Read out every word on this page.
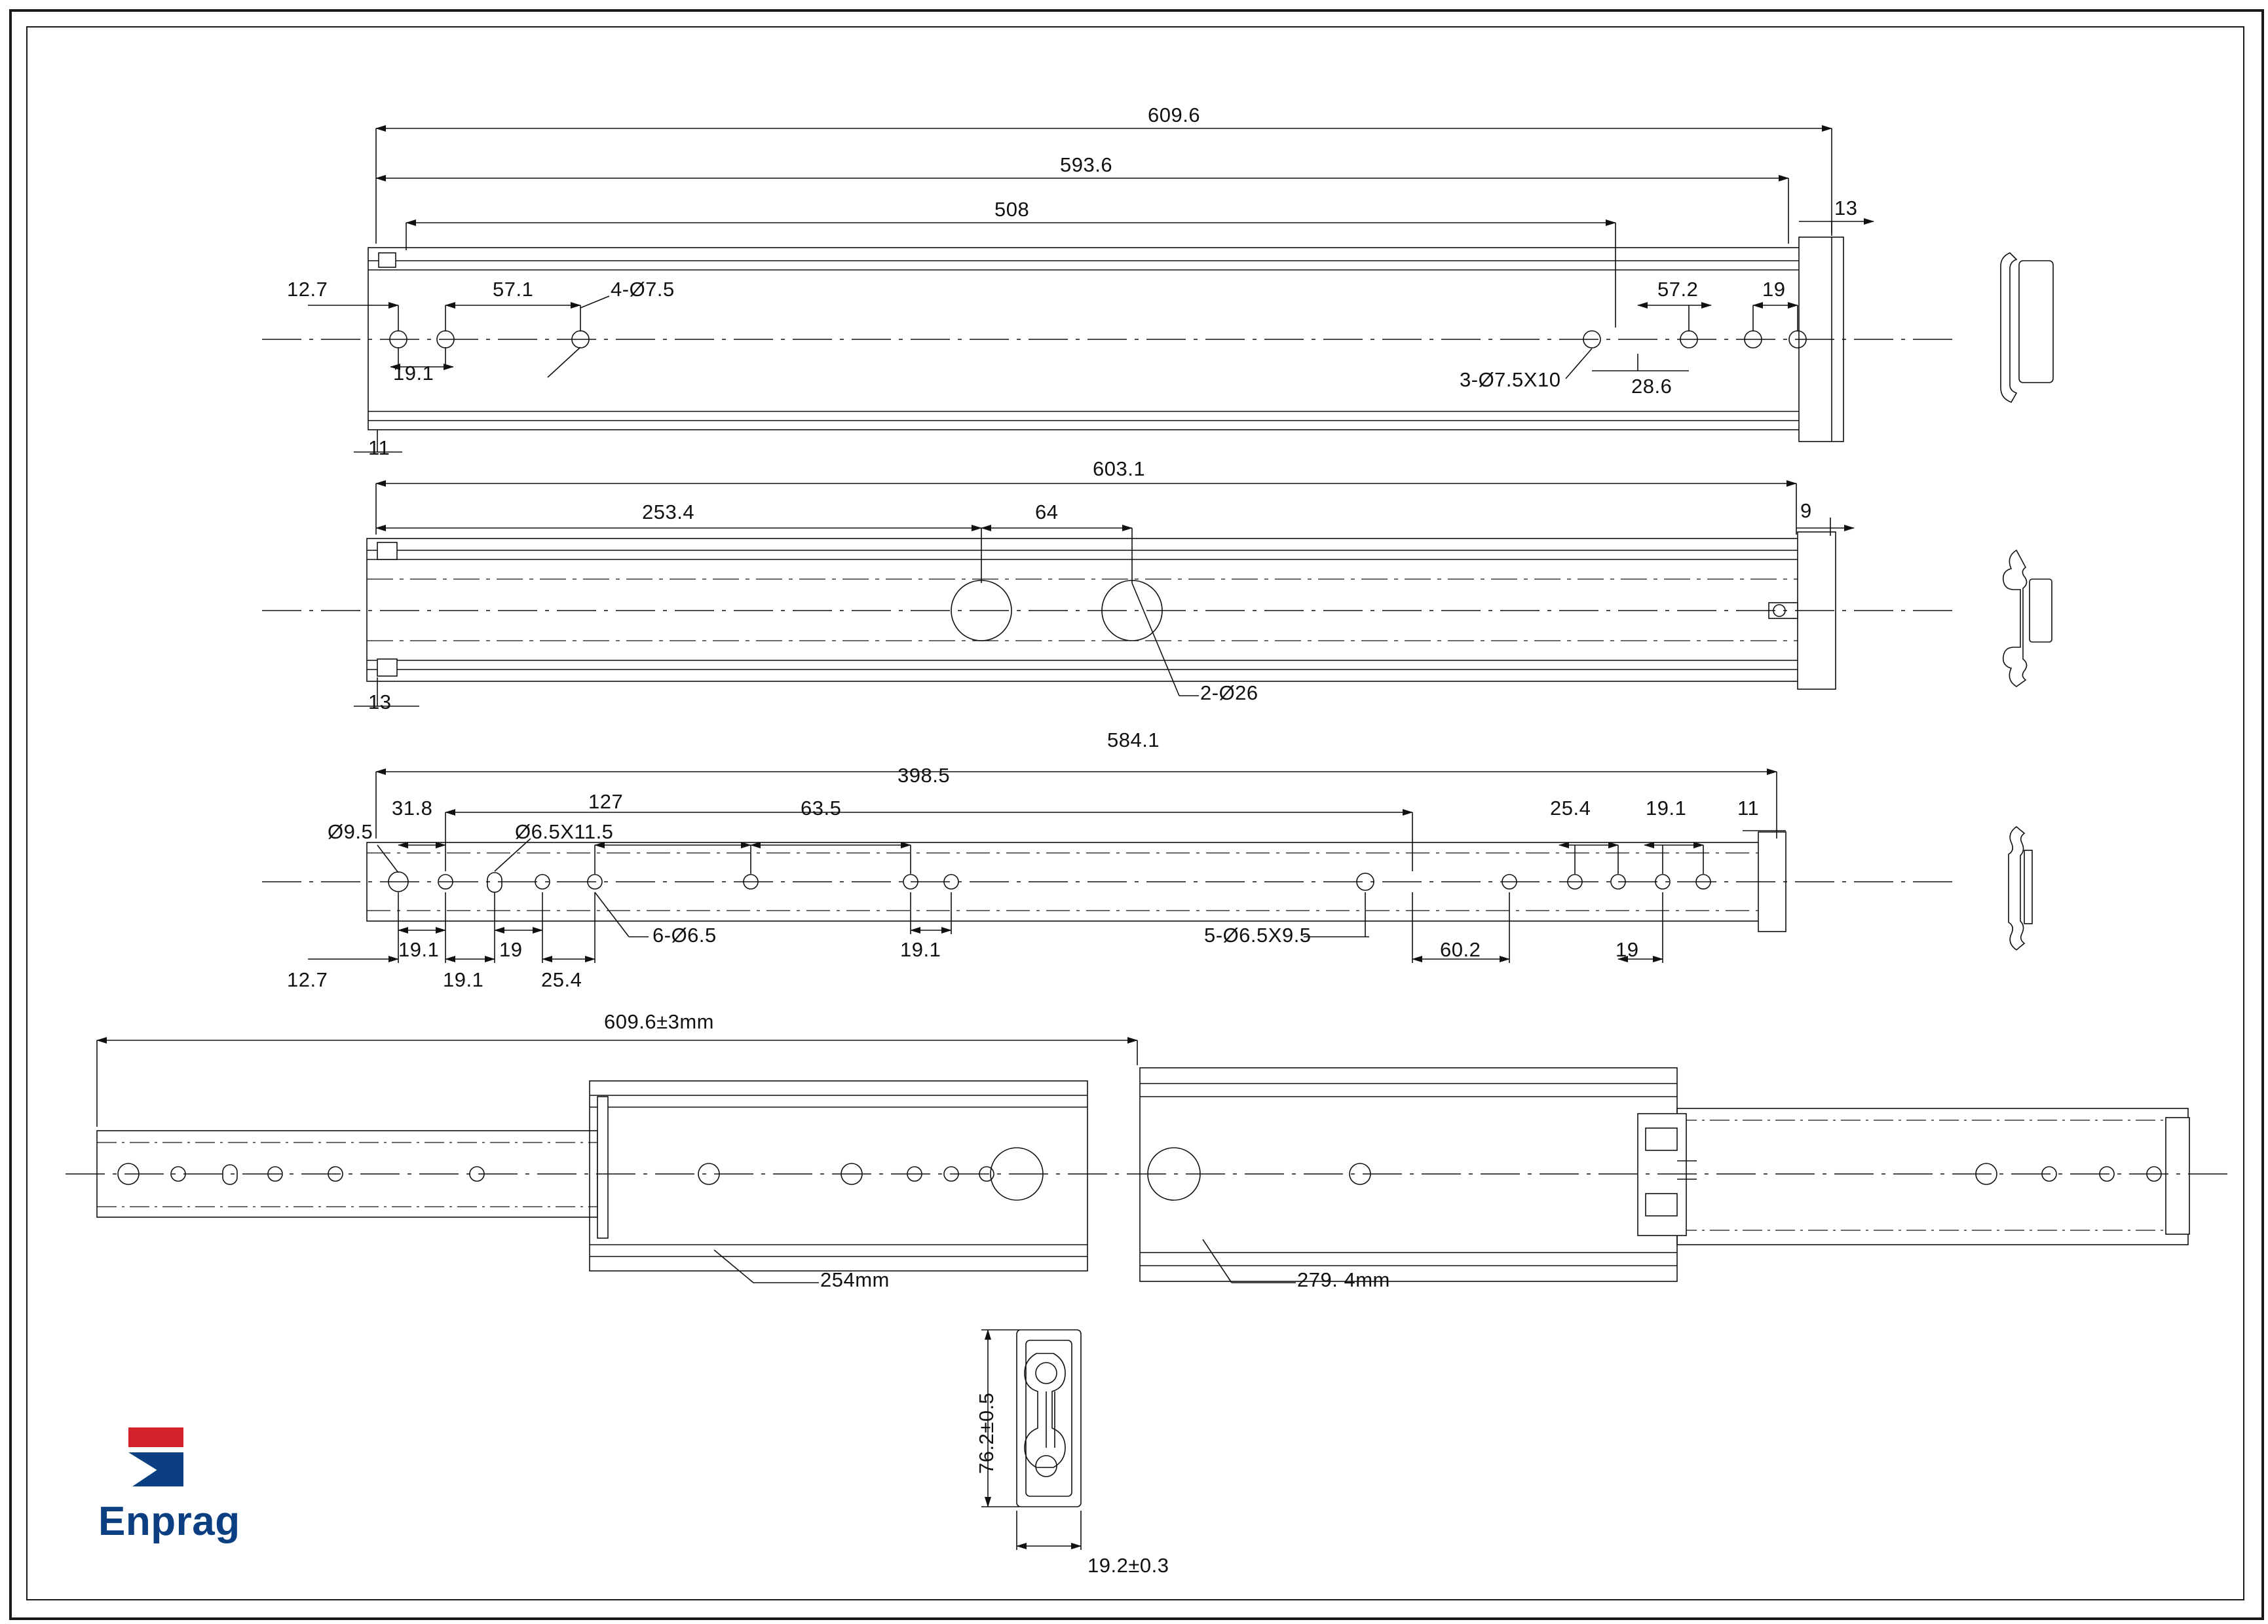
609.6
593.6
508	13
12.7	57.1	4-Ø7.5
19.1
11
3-Ø7.5X10	28.6
57.2	19
603.1
253.4	64	9
13	2-Ø26
584.1
398.5
31.8	127	63.5	25.4	19.1	11
Ø9.5	Ø6.5X11.5
12.7
19.1
19.1
19
25.4
6-Ø6.5
19.1
5-Ø6.5X9.5
60.2	19
609.6±3mm
254mm	279. 4mm
76.2±0.5
19.2±0.3
Enprag
